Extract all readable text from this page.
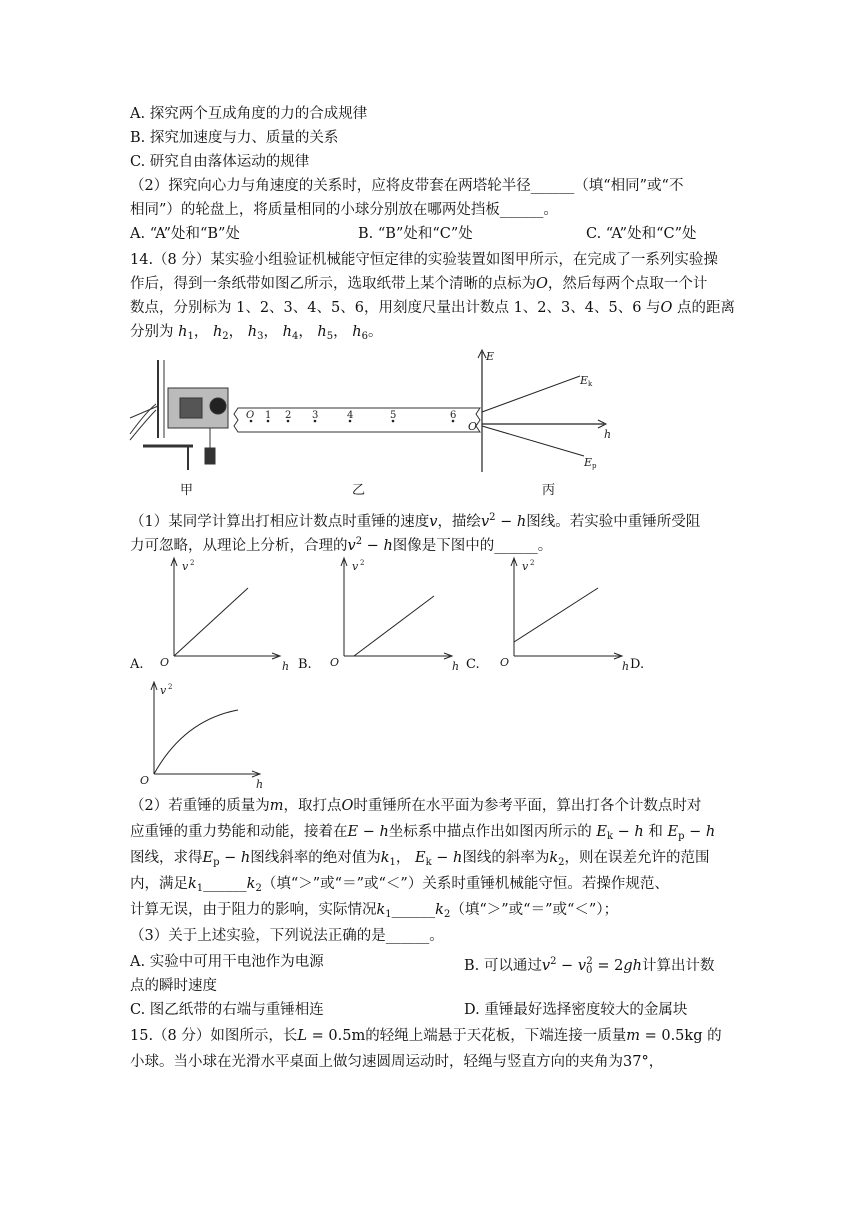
A. 探究两个互成角度的力的合成规律
B. 探究加速度与力、质量的关系
C. 研究自由落体运动的规律
（2）探究向心力与角速度的关系时，应将皮带套在两塔轮半径______（填“相同”或“不
相同”）的轮盘上，将质量相同的小球分别放在哪两处挡板______。
A. “A”处和“B”处	B. “B”处和“C”处	C. “A”处和“C”处
14.（8 分）某实验小组验证机械能守恒定律的实验装置如图甲所示，在完成了一系列实验操
作后，得到一条纸带如图乙所示，选取纸带上某个清晰的点标为O，然后每两个点取一个计
数点，分别标为 1、2、3、4、5、6，用刻度尺量出计数点 1、2、3、4、5、6 与O 点的距离
分别为 $h_1$， $h_2$， $h_3$， $h_4$， $h_5$， $h_6$。
甲
O 1 2 3	4	5	6
乙
E
Ek
Ep
O
h
丙
（1）某同学计算出打相应计数点时重锤的速度v，描绘$v^2 - h$图线。若实验中重锤所受阻
力可忽略，从理论上分析，合理的$v^2 - h$图像是下图中的______。
v 2
O	h
v 2
O	h
v 2
O	h
A.	B.	C.	D.
v 2
O	h
（2）若重锤的质量为m，取打点O时重锤所在水平面为参考平面，算出打各个计数点时对
应重锤的重力势能和动能，接着在E − h坐标系中描点作出如图丙所示的 $E_k - h$ 和 $E_p - h$
图线，求得$E_p - h$图线斜率的绝对值为$k_1$， $E_k - h$图线的斜率为$k_2$，则在误差允许的范围
内，满足$k_1\_\_\_\_\_\_k_2$（填“＞”或“＝”或“＜”）关系时重锤机械能守恒。若操作规范、
计算无误，由于阻力的影响，实际情况$k_1\_\_\_\_\_\_k_2$（填“＞”或“＝”或“＜”）；
（3）关于上述实验，下列说法正确的是______。
A. 实验中可用干电池作为电源	B. 可以通过$v^2 - v_0^2 = 2gh$计算出计数
点的瞬时速度
C. 图乙纸带的右端与重锤相连	D. 重锤最好选择密度较大的金属块
15.（8 分）如图所示，长L = 0.5m的轻绳上端悬于天花板，下端连接一质量m = 0.5kg 的
小球。当小球在光滑水平桌面上做匀速圆周运动时，轻绳与竖直方向的夹角为37°，
